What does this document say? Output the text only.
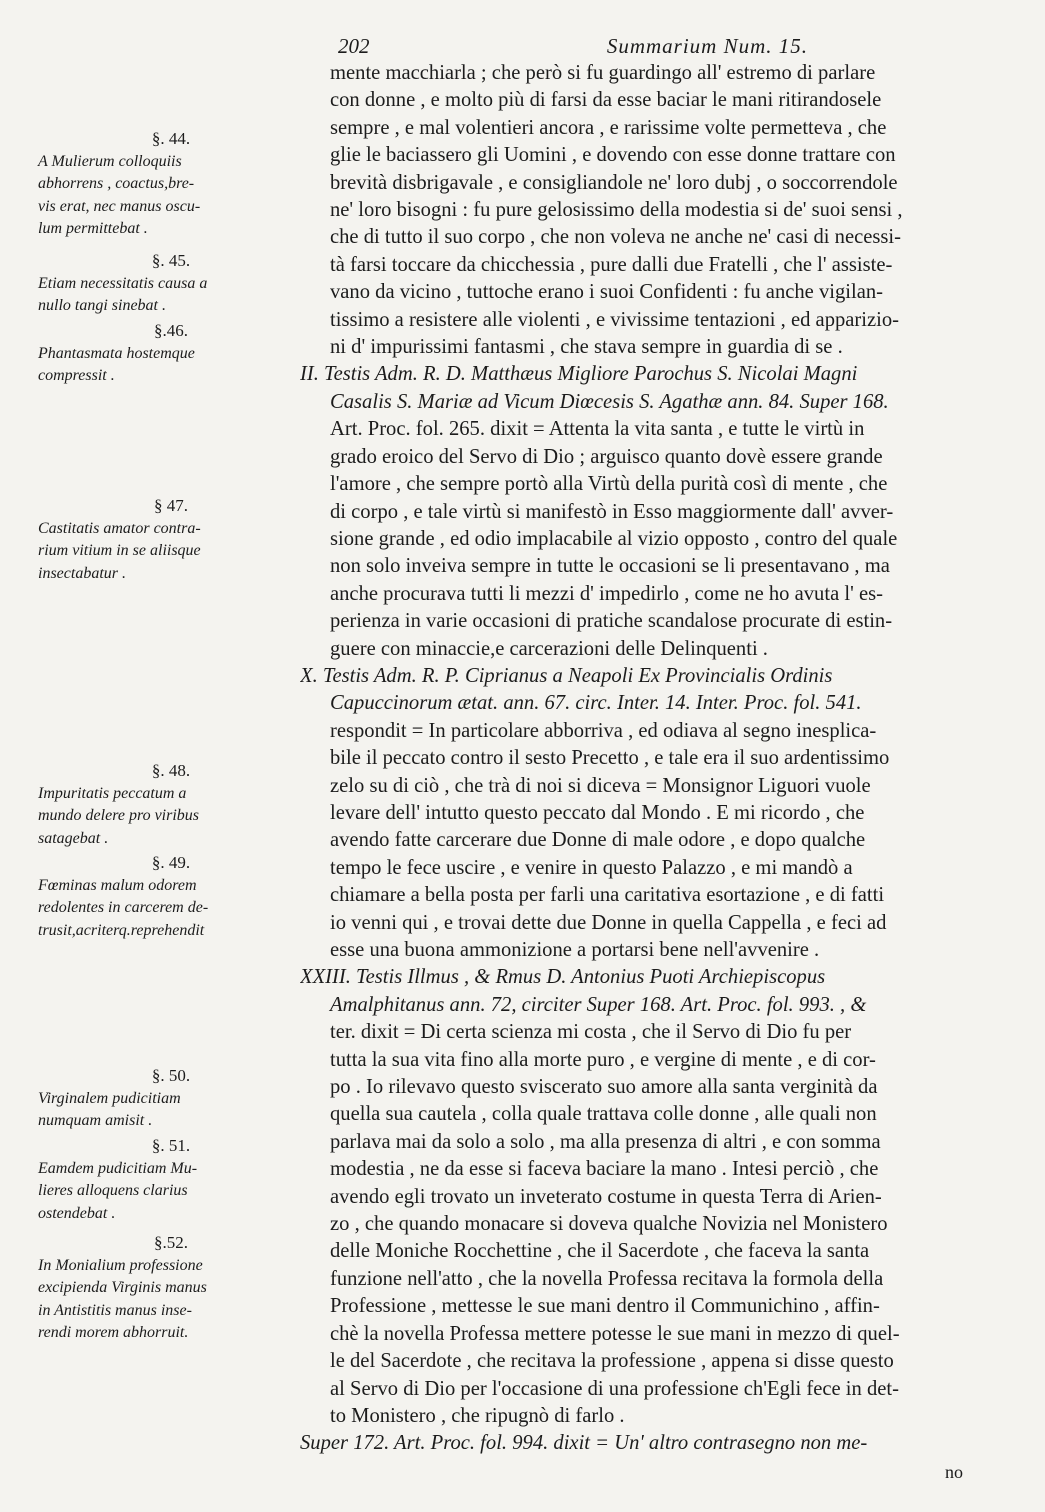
202	Summarium Num. 15.
§. 44.
A Mulierum colloquiis
abhorrens , coactus,bre-
vis erat, nec manus oscu-
lum permittebat .
§. 45.
Etiam necessitatis causa a
nullo tangi sinebat .
§.46.
Phantasmata hostemque
compressit .
§ 47.
Castitatis amator contra-
rium vitium in se aliisque
insectabatur .
§. 48.
Impuritatis peccatum a
mundo delere pro viribus
satagebat .
§. 49.
Fœminas malum odorem
redolentes in carcerem de-
trusit,acriterq.reprehendit
§. 50.
Virginalem pudicitiam
numquam amisit .
§. 51.
Eamdem pudicitiam Mu-
lieres alloquens clarius
ostendebat .
§.52.
In Monialium professione
excipienda Virginis manus
in Antistitis manus inse-
rendi morem abhorruit.
mente macchiarla ; che però si fu guardingo all' estremo di parlare
con donne , e molto più di farsi da esse baciar le mani ritirandosele
sempre , e mal volentieri ancora , e rarissime volte permetteva , che
glie le baciassero gli Uomini , e dovendo con esse donne trattare con
brevità disbrigavale , e consigliandole ne' loro dubj , o soccorrendole
ne' loro bisogni : fu pure gelosissimo della modestia si de' suoi sensi ,
che di tutto il suo corpo , che non voleva ne anche ne' casi di necessi-
tà farsi toccare da chicchessia , pure dalli due Fratelli , che l' assiste-
vano da vicino , tuttoche erano i suoi Confidenti : fu anche vigilan-
tissimo a resistere alle violenti , e vivissime tentazioni , ed apparizio-
ni d' impurissimi fantasmi , che stava sempre in guardia di se .
II. Testis Adm. R. D. Matthæus Migliore Parochus S. Nicolai Magni
Casalis S. Mariæ ad Vicum Diœcesis S. Agathæ ann. 84. Super 168.
Art. Proc. fol. 265. dixit = Attenta la vita santa , e tutte le virtù in
grado eroico del Servo di Dio ; arguisco quanto dovè essere grande
l'amore , che sempre portò alla Virtù della purità così di mente , che
di corpo , e tale virtù si manifestò in Esso maggiormente dall' avver-
sione grande , ed odio implacabile al vizio opposto , contro del quale
non solo inveiva sempre in tutte le occasioni se li presentavano , ma
anche procurava tutti li mezzi d' impedirlo , come ne ho avuta l' es-
perienza in varie occasioni di pratiche scandalose procurate di estin-
guere con minaccie,e carcerazioni delle Delinquenti .
X. Testis Adm. R. P. Ciprianus a Neapoli Ex Provincialis Ordinis
Capuccinorum ætat. ann. 67. circ. Inter. 14. Inter. Proc. fol. 541.
respondit = In particolare abborriva , ed odiava al segno inesplica-
bile il peccato contro il sesto Precetto , e tale era il suo ardentissimo
zelo su di ciò , che trà di noi si diceva = Monsignor Liguori vuole
levare dell' intutto questo peccato dal Mondo . E mi ricordo , che
avendo fatte carcerare due Donne di male odore , e dopo qualche
tempo le fece uscire , e venire in questo Palazzo , e mi mandò a
chiamare a bella posta per farli una caritativa esortazione , e di fatti
io venni qui , e trovai dette due Donne in quella Cappella , e feci ad
esse una buona ammonizione a portarsi bene nell'avvenire .
XXIII. Testis Illmus , & Rmus D. Antonius Puoti Archiepiscopus
Amalphitanus ann. 72, circiter Super 168. Art. Proc. fol. 993. , &
ter. dixit = Di certa scienza mi costa , che il Servo di Dio fu per
tutta la sua vita fino alla morte puro , e vergine di mente , e di cor-
po . Io rilevavo questo svisceratо suo amore alla santa verginità da
quella sua cautela , colla quale trattava colle donne , alle quali non
parlava mai da solo a solo , ma alla presenza di altri , e con somma
modestia , ne da esse si faceva baciare la mano . Intesi perciò , che
avendo egli trovato un inveterato costume in questa Terra di Arien-
zo , che quando monacare si doveva qualche Novizia nel Monistero
delle Moniche Rocchettine , che il Sacerdote , che faceva la santa
funzione nell'atto , che la novella Professa recitava la formola della
Professione , mettesse le sue mani dentro il Communichino , affin-
chè la novella Professa mettere potesse le sue mani in mezzo di quel-
le del Sacerdote , che recitava la professione , appena si disse questo
al Servo di Dio per l'occasione di una professione ch'Egli fece in det-
to Monistero , che ripugnò di farlo .
Super 172. Art. Proc. fol. 994. dixit = Un' altro contrasegno non me-
no
